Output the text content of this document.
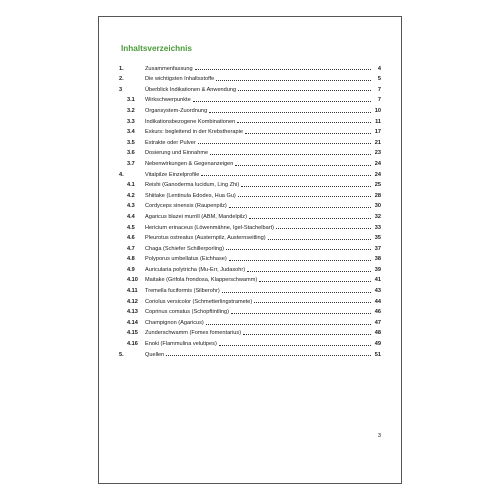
Inhaltsverzeichnis
1.	Zusammenfassung	4
2.	Die wichtigsten Inhaltsstoffe	5
3	Überblick Indikationen & Anwendung	7
3.1	Wirkschwerpunkte	7
3.2	Organsystem-Zuordnung	10
3.3	Indikationsbezogene Kombinationen	11
3.4	Exkurs: begleitend in der Krebstherapie	17
3.5	Extrakte oder Pulver	21
3.6	Dosierung und Einnahme	23
3.7	Nebenwirkungen & Gegenanzeigen	24
4.	Vitalpilze Einzelprofile	24
4.1	Reishi (Ganoderma lucidum, Ling Zhi)	25
4.2	Shiitake (Lentinula Edodes, Hua Gu)	28
4.3	Cordyceps sinensis (Raupenpilz)	30
4.4	Agaricus blazei murrill (ABM, Mandelpilz)	32
4.5	Hericium erinaceus (Löwenmähne, Igel-Stachelbart)	33
4.6	Pleurotus ostreatus (Austernpilz, Austernseitling)	35
4.7	Chaga (Schiefer Schillerporling)	37
4.8	Polyporus umbellatus (Eichhase)	38
4.9	Auricularia polytricha (Mu-Err, Judasohr)	39
4.10	Maitake (Grifola frondosa, Klapperschwamm)	41
4.11	Tremella fuciformis (Silberohr)	43
4.12	Coriolus versicolor (Schmetterlingstramete)	44
4.13	Coprinus comatus (Schopftintling)	46
4.14	Champignon (Agaricus)	47
4.15	Zunderschwamm (Fomes fomentarius)	48
4.16	Enoki (Flammulina velutipes)	49
5.	Quellen	51
3
